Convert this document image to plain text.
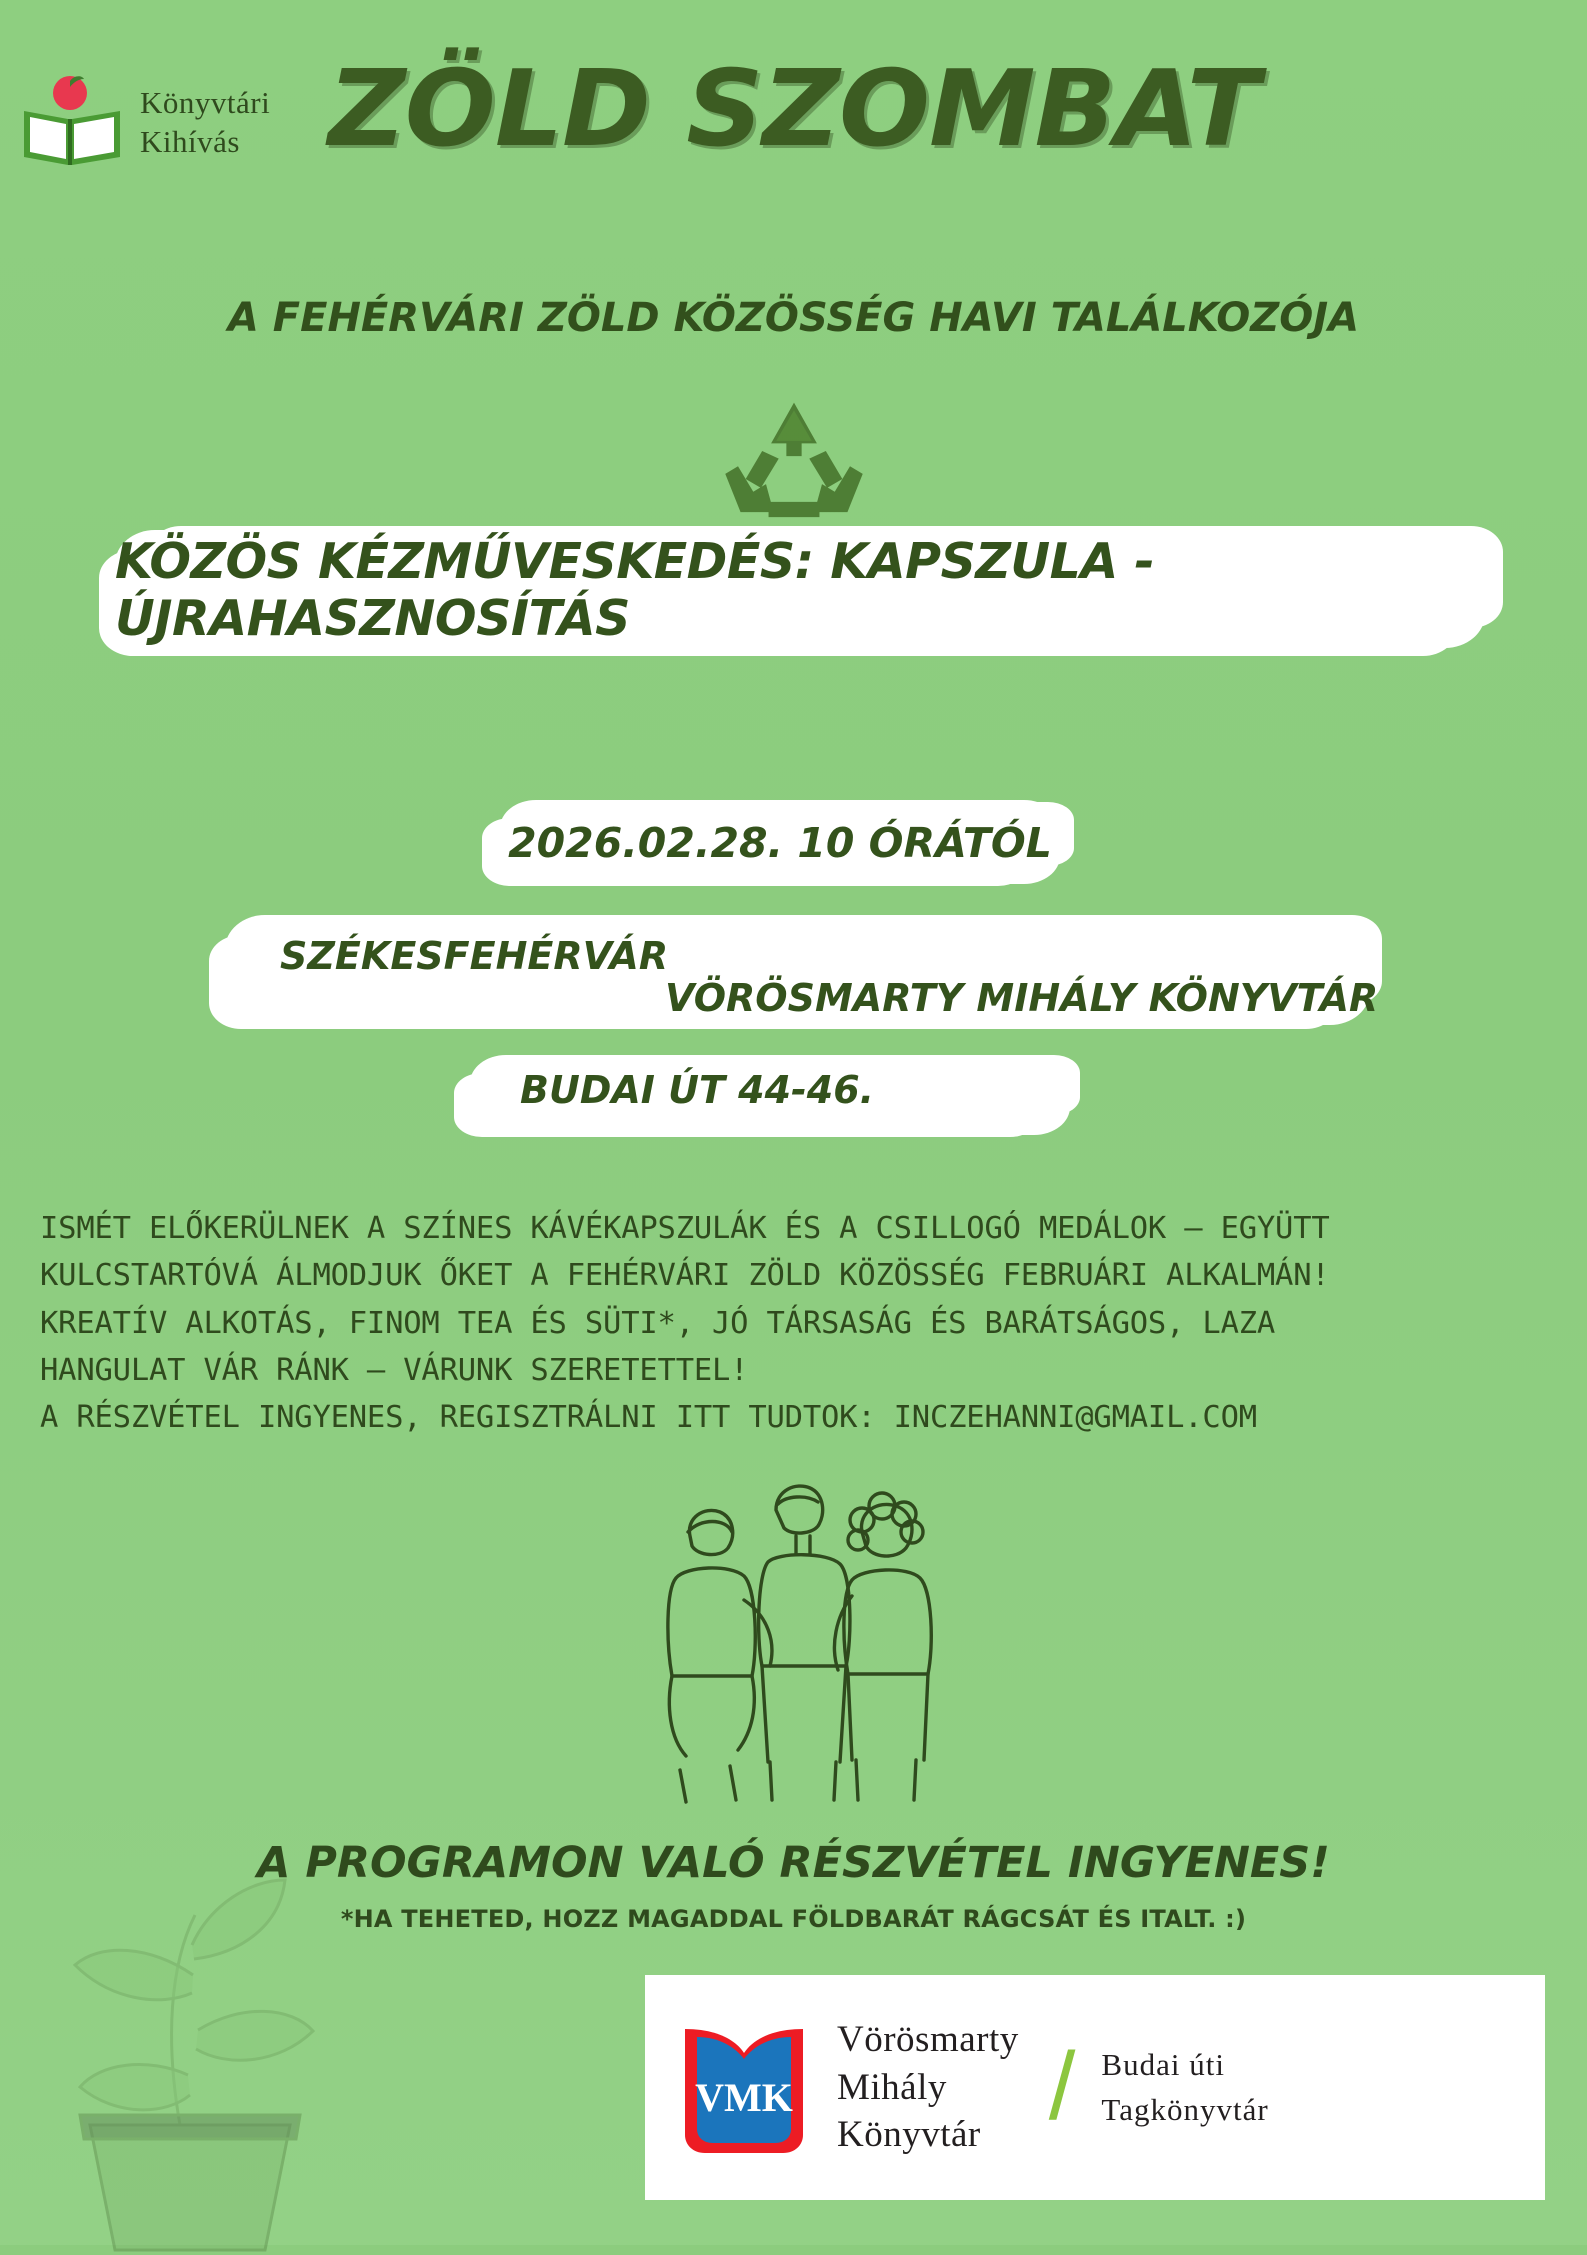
Könyvtári
Kihívás ZÖLD SZOMBAT
A FEHÉRVÁRI ZÖLD KÖZÖSSÉG HAVI TALÁLKOZÓJA
KÖZÖS KÉZMŰVESKEDÉS: KAPSZULA - ÚJRAHASZNOSÍTÁS
2026.02.28. 10 ÓRÁTÓL
SZÉKESFEHÉRVÁR
VÖRÖSMARTY MIHÁLY KÖNYVTÁR
BUDAI ÚT 44-46.

ISMÉT ELŐKERÜLNEK A SZÍNES KÁVÉKAPSZULÁK ÉS A CSILLOGÓ MEDÁLOK – EGYÜTT

KULCSTARTÓVÁ ÁLMODJUK ŐKET A FEHÉRVÁRI ZÖLD KÖZÖSSÉG FEBRUÁRI ALKALMÁN!

KREATÍV ALKOTÁS, FINOM TEA ÉS SÜTI*, JÓ TÁRSASÁG ÉS BARÁTSÁGOS, LAZA

HANGULAT VÁR RÁNK – VÁRUNK SZERETETTEL!

A RÉSZVÉTEL INGYENES, REGISZTRÁLNI ITT TUDTOK: INCZEHANNI@GMAIL.COM

A PROGRAMON VALÓ RÉSZVÉTEL INGYENES!
*HA TEHETED, HOZZ MAGADDAL FÖLDBARÁT RÁGCSÁT ÉS ITALT. :)
VMK
Vörösmarty
Mihály
Könyvtár / Budai úti
Tagkönyvtár
